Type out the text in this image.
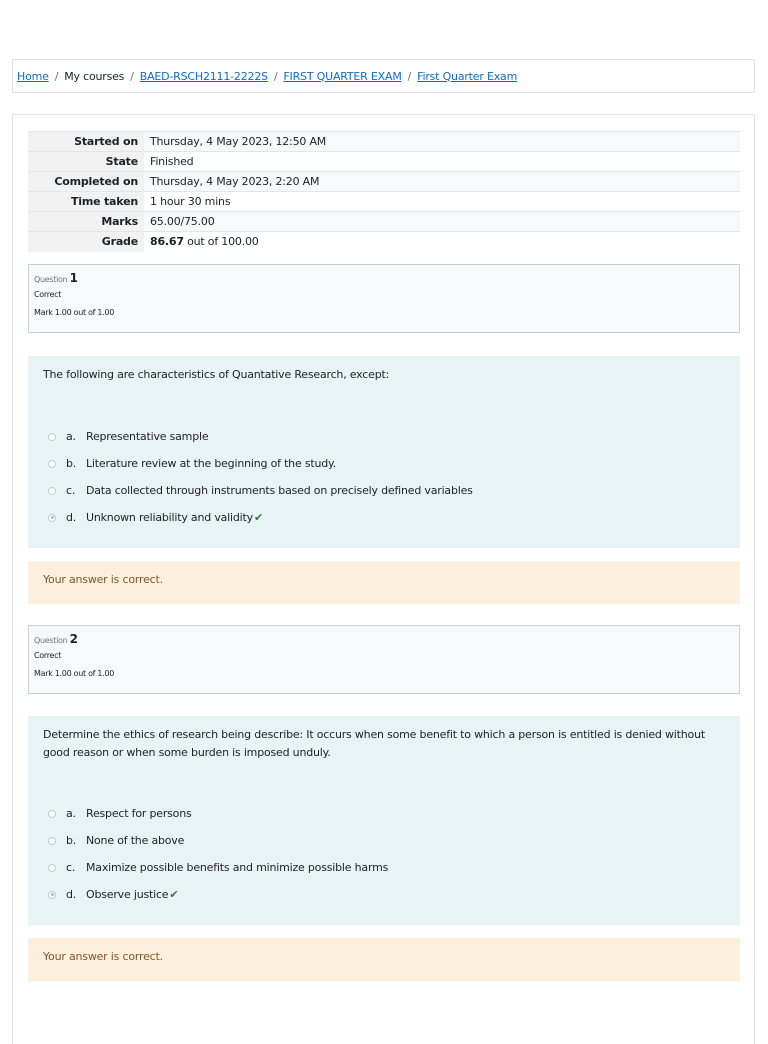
Home / My courses / BAED-RSCH2111-2222S / FIRST QUARTER EXAM / First Quarter Exam
Started on	Thursday, 4 May 2023, 12:50 AM
State	Finished
Completed on	Thursday, 4 May 2023, 2:20 AM
Time taken	1 hour 30 mins
Marks	65.00/75.00
Grade	86.67 out of 100.00
Question 1
Correct
Mark 1.00 out of 1.00
The following are characteristics of Quantative Research, except:
a. Representative sample
b. Literature review at the beginning of the study.
c. Data collected through instruments based on precisely defined variables
d. Unknown reliability and validity ✔
Your answer is correct.
Question 2
Correct
Mark 1.00 out of 1.00
Determine the ethics of research being describe: It occurs when some benefit to which a person is entitled is denied without good reason or when some burden is imposed unduly.
a. Respect for persons
b. None of the above
c. Maximize possible benefits and minimize possible harms
d. Observe justice ✔
Your answer is correct.
